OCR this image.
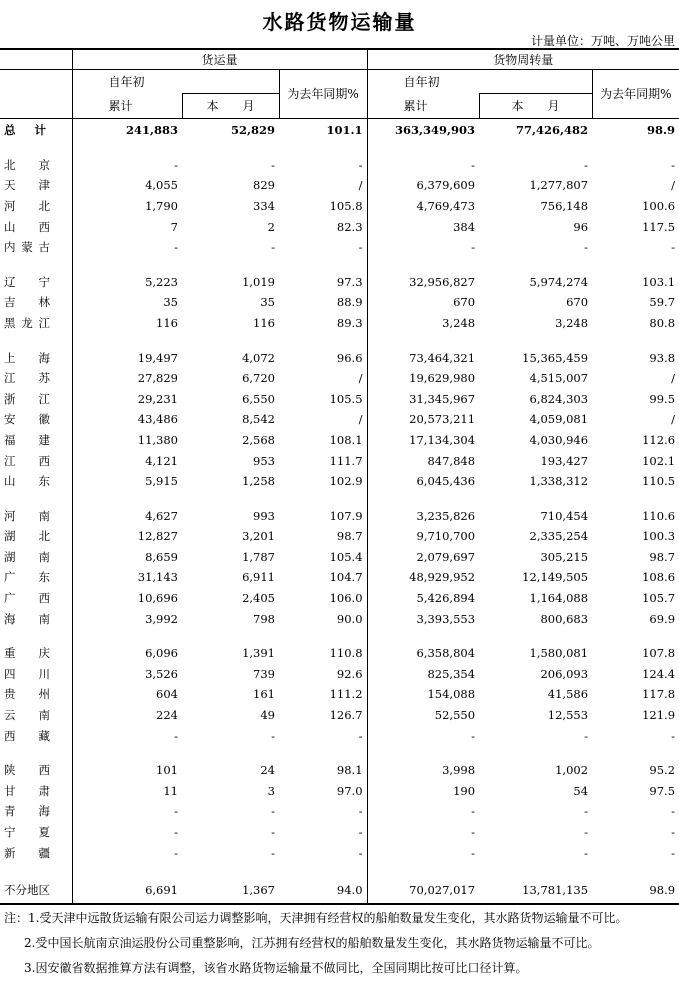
水路货物运输量
计量单位：万吨、万吨公里
	货运量			货物周转量		
	自年初		为去年同期%	自年初		为去年同期%
	累计	本　　月		累计	本　　月	
总　计	241,883	52,829	101.1	363,349,903	77,426,482	98.9

北京	-	-	-	-	-	-
天津	4,055	829	/	6,379,609	1,277,807	/
河北	1,790	334	105.8	4,769,473	756,148	100.6
山西	7	2	82.3	384	96	117.5
内蒙古	-	-	-	-	-	-

辽宁	5,223	1,019	97.3	32,956,827	5,974,274	103.1
吉林	35	35	88.9	670	670	59.7
黑龙江	116	116	89.3	3,248	3,248	80.8

上海	19,497	4,072	96.6	73,464,321	15,365,459	93.8
江苏	27,829	6,720	/	19,629,980	4,515,007	/
浙江	29,231	6,550	105.5	31,345,967	6,824,303	99.5
安徽	43,486	8,542	/	20,573,211	4,059,081	/
福建	11,380	2,568	108.1	17,134,304	4,030,946	112.6
江西	4,121	953	111.7	847,848	193,427	102.1
山东	5,915	1,258	102.9	6,045,436	1,338,312	110.5

河南	4,627	993	107.9	3,235,826	710,454	110.6
湖北	12,827	3,201	98.7	9,710,700	2,335,254	100.3
湖南	8,659	1,787	105.4	2,079,697	305,215	98.7
广东	31,143	6,911	104.7	48,929,952	12,149,505	108.6
广西	10,696	2,405	106.0	5,426,894	1,164,088	105.7
海南	3,992	798	90.0	3,393,553	800,683	69.9

重庆	6,096	1,391	110.8	6,358,804	1,580,081	107.8
四川	3,526	739	92.6	825,354	206,093	124.4
贵州	604	161	111.2	154,088	41,586	117.8
云南	224	49	126.7	52,550	12,553	121.9
西藏	-	-	-	-	-	-

陕西	101	24	98.1	3,998	1,002	95.2
甘肃	11	3	97.0	190	54	97.5
青海	-	-	-	-	-	-
宁夏	-	-	-	-	-	-
新疆	-	-	-	-	-	-

不分地区	6,691	1,367	94.0	70,027,017	13,781,135	98.9
注：1.受天津中远散货运输有限公司运力调整影响，天津拥有经营权的船舶数量发生变化，其水路货物运输量不可比。
2.受中国长航南京油运股份公司重整影响，江苏拥有经营权的船舶数量发生变化，其水路货物运输量不可比。
3.因安徽省数据推算方法有调整，该省水路货物运输量不做同比，全国同期比按可比口径计算。
